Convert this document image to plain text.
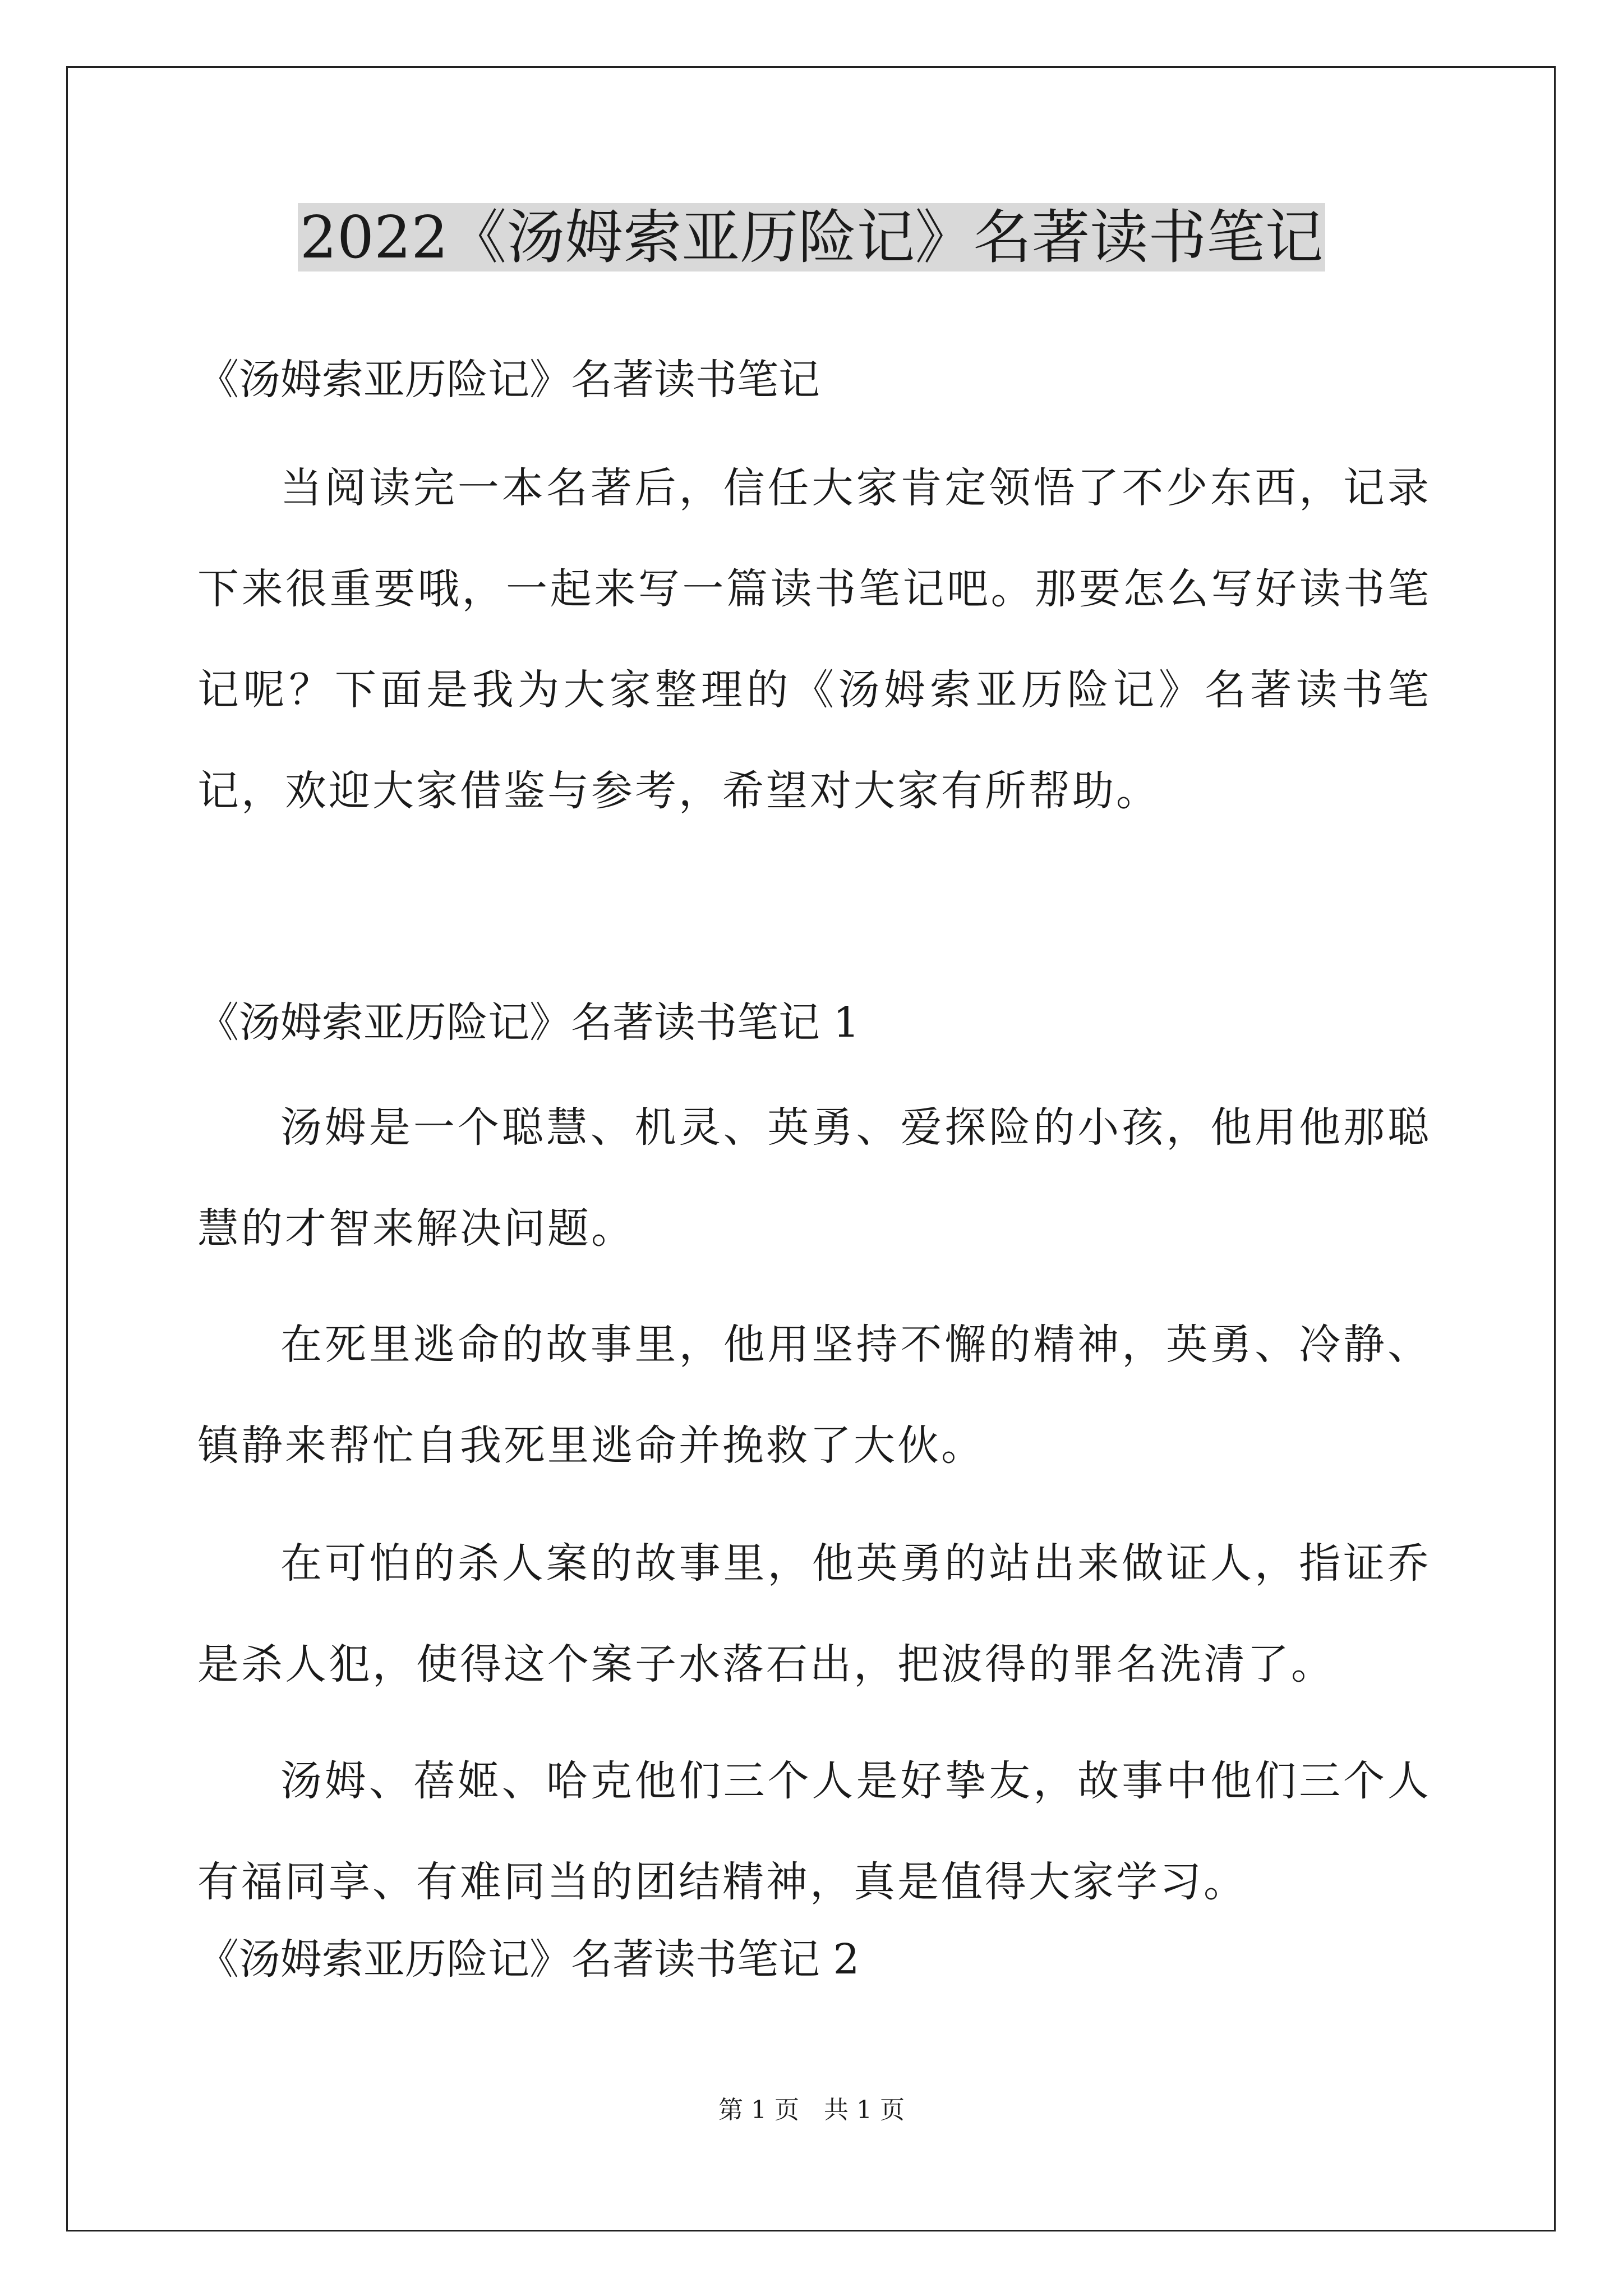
2022《汤姆索亚历险记》名著读书笔记
《汤姆索亚历险记》名著读书笔记
当阅读完一本名著后，信任大家肯定领悟了不少东西，记录下来很重要哦，一起来写一篇读书笔记吧。那要怎么写好读书笔记呢？下面是我为大家整理的《汤姆索亚历险记》名著读书笔记，欢迎大家借鉴与参考，希望对大家有所帮助。
《汤姆索亚历险记》名著读书笔记 1
汤姆是一个聪慧、机灵、英勇、爱探险的小孩，他用他那聪慧的才智来解决问题。
在死里逃命的故事里，他用坚持不懈的精神，英勇、冷静、镇静来帮忙自我死里逃命并挽救了大伙。
在可怕的杀人案的故事里，他英勇的站出来做证人，指证乔是杀人犯，使得这个案子水落石出，把波得的罪名洗清了。
汤姆、蓓姬、哈克他们三个人是好挚友，故事中他们三个人有福同享、有难同当的团结精神，真是值得大家学习。
《汤姆索亚历险记》名著读书笔记 2
第 1 页　共 1 页
